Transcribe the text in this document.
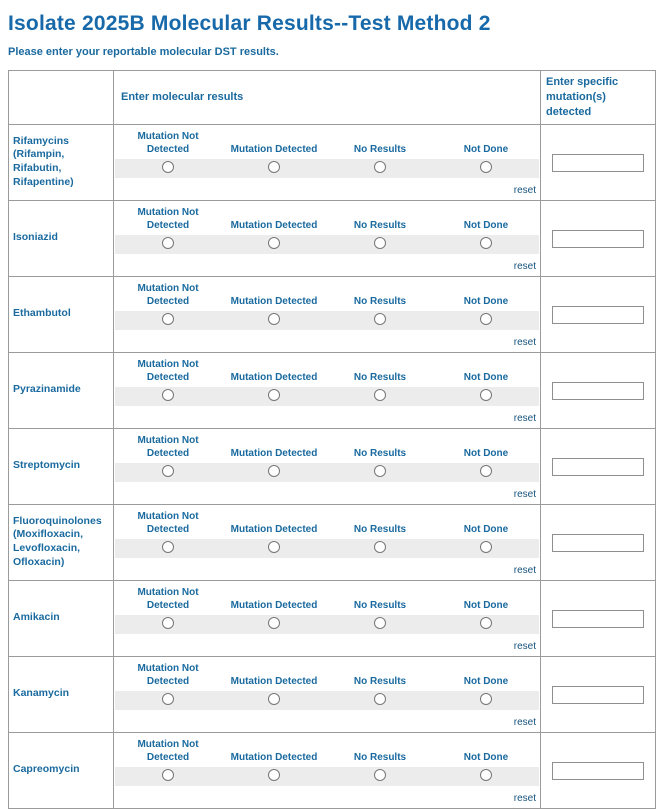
Isolate 2025B Molecular Results--Test Method 2

Please enter your reportable molecular DST results.

	Enter molecular results	Enter specific mutation(s) detected
Rifamycins (Rifampin, Rifabutin, Rifapentine)	Mutation Not Detected Mutation Detected No Results Not Done
reset

Isoniazid	Mutation Not Detected Mutation Detected No Results Not Done
reset

Ethambutol	Mutation Not Detected Mutation Detected No Results Not Done
reset

Pyrazinamide	Mutation Not Detected Mutation Detected No Results Not Done
reset

Streptomycin	Mutation Not Detected Mutation Detected No Results Not Done
reset

Fluoroquinolones (Moxifloxacin, Levofloxacin, Ofloxacin)	Mutation Not Detected Mutation Detected No Results Not Done
reset

Amikacin	Mutation Not Detected Mutation Detected No Results Not Done
reset

Kanamycin	Mutation Not Detected Mutation Detected No Results Not Done
reset

Capreomycin	Mutation Not Detected Mutation Detected No Results Not Done
reset
